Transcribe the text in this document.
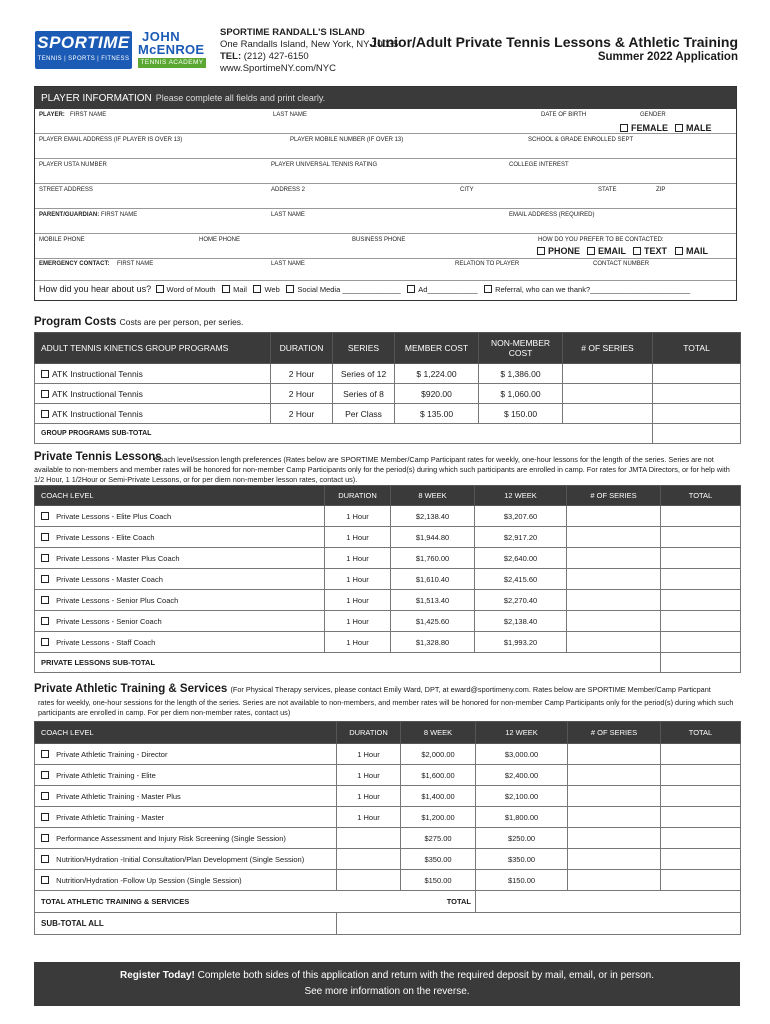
SPORTIME
TENNIS | SPORTS | FITNESS
JOHN
McENROE
TENNIS ACADEMY
SPORTIME RANDALL'S ISLAND
One Randalls Island, New York, NY 10035
TEL: (212) 427-6150
www.SportimeNY.com/NYC
Junior/Adult Private Tennis Lessons & Athletic Training
Summer 2022 Application
PLAYER INFORMATION Please complete all fields and print clearly.
PLAYER: FIRST NAME	LAST NAME	DATE OF BIRTH	GENDER
FEMALE	MALE
PLAYER EMAIL ADDRESS (IF PLAYER IS OVER 13)	PLAYER MOBILE NUMBER (IF OVER 13)	SCHOOL & GRADE ENROLLED SEPT
PLAYER USTA NUMBER	PLAYER UNIVERSAL TENNIS RATING	COLLEGE INTEREST
STREET ADDRESS	ADDRESS 2	CITY	STATE	ZIP
PARENT/GUARDIAN: FIRST NAME	LAST NAME	EMAIL ADDRESS (REQUIRED)
MOBILE PHONE	HOME PHONE	BUSINESS PHONE	HOW DO YOU PREFER TO BE CONTACTED:
PHONE	EMAIL	TEXT	MAIL
EMERGENCY CONTACT: FIRST NAME	LAST NAME	RELATION TO PLAYER	CONTACT NUMBER
How did you hear about us? Word of Mouth Mail Web Social Media ______________ Ad____________ Referral, who can we thank?________________________
Program Costs Costs are per person, per series.
ADULT TENNIS KINETICS GROUP PROGRAMS	DURATION	SERIES	MEMBER COST	NON-MEMBER COST	# OF SERIES	TOTAL
ATK Instructional Tennis	2 Hour	Series of 12	$ 1,224.00	$ 1,386.00		
ATK Instructional Tennis	2 Hour	Series of 8	$920.00	$ 1,060.00		
ATK Instructional Tennis	2 Hour	Per Class	$ 135.00	$ 150.00		
GROUP PROGRAMS SUB-TOTAL						
Private Tennis Lessons
Coach level/session length preferences (Rates below are SPORTIME Member/Camp Participant rates for weekly, one-hour lessons for the length of the series. Series are not available to non-members and member rates will be honored for non-member Camp Participants only for the period(s) during which such participants are enrolled in camp. For rates for JMTA Directors, or for help with 1/2 Hour, 1 1/2Hour or Semi-Private Lessons, or for per diem non-member lesson rates, contact us).
COACH LEVEL	DURATION	8 WEEK	12 WEEK	# OF SERIES	TOTAL
Private Lessons - Elite Plus Coach	1 Hour	$2,138.40	$3,207.60		
Private Lessons - Elite Coach	1 Hour	$1,944.80	$2,917.20		
Private Lessons - Master Plus Coach	1 Hour	$1,760.00	$2,640.00		
Private Lessons - Master Coach	1 Hour	$1,610.40	$2,415.60		
Private Lessons - Senior Plus Coach	1 Hour	$1,513.40	$2,270.40		
Private Lessons - Senior Coach	1 Hour	$1,425.60	$2,138.40		
Private Lessons - Staff Coach	1 Hour	$1,328.80	$1,993.20		
PRIVATE LESSONS SUB-TOTAL					
Private Athletic Training & Services (For Physical Therapy services, please contact Emily Ward, DPT, at eward@sportimeny.com. Rates below are SPORTIME Member/Camp Particpant
rates for weekly, one-hour sessions for the length of the series. Series are not available to non-members, and member rates will be honored for non-member Camp Participants only for the period(s) during which such participants are enrolled in camp. For per diem non-member rates, contact us)
COACH LEVEL	DURATION	8 WEEK	12 WEEK	# OF SERIES	TOTAL
Private Athletic Training - Director	1 Hour	$2,000.00	$3,000.00		
Private Athletic Training - Elite	1 Hour	$1,600.00	$2,400.00		
Private Athletic Training - Master Plus	1 Hour	$1,400.00	$2,100.00		
Private Athletic Training - Master	1 Hour	$1,200.00	$1,800.00		
Performance Assessment and Injury Risk Screening (Single Session)		$275.00	$250.00		
Nutrition/Hydration -Initial Consultation/Plan Development (Single Session)		$350.00	$350.00		
Nutrition/Hydration -Follow Up Session (Single Session)		$150.00	$150.00		
TOTAL ATHLETIC TRAINING & SERVICES TOTAL					

SUB-TOTAL ALL					
Register Today! Complete both sides of this application and return with the required deposit by mail, email, or in person.
See more information on the reverse.
